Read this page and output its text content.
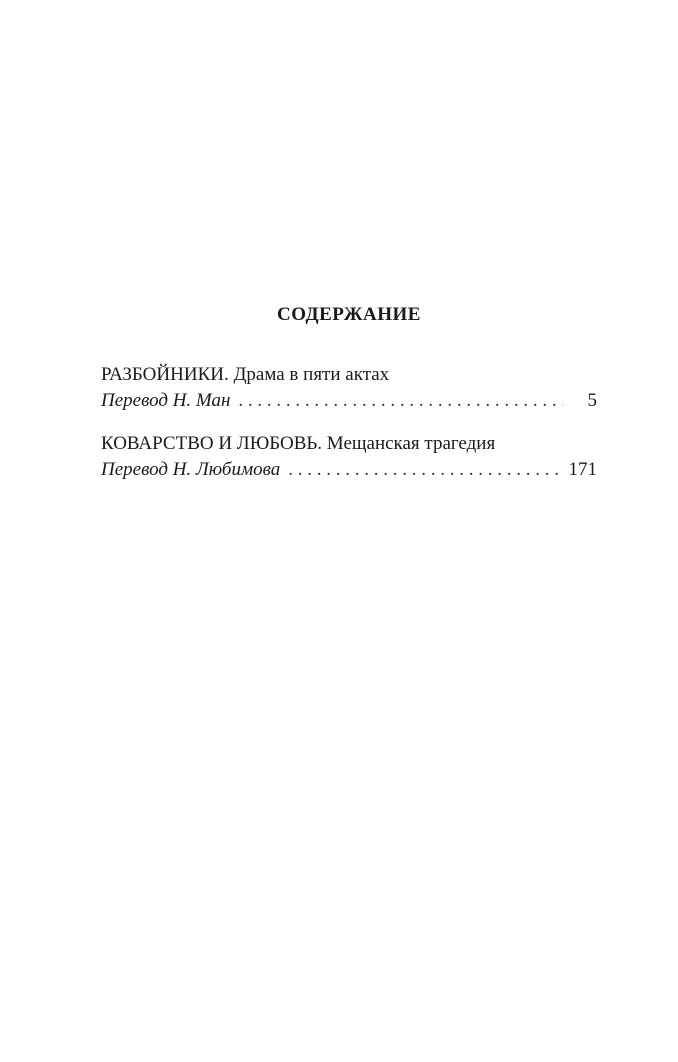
СОДЕРЖАНИЕ
РАЗБОЙНИКИ. Драма в пяти актах
Перевод Н. Ман . . .	5
КОВАРСТВО И ЛЮБОВЬ. Мещанская трагедия
Перевод Н. Любимова . . .	171
